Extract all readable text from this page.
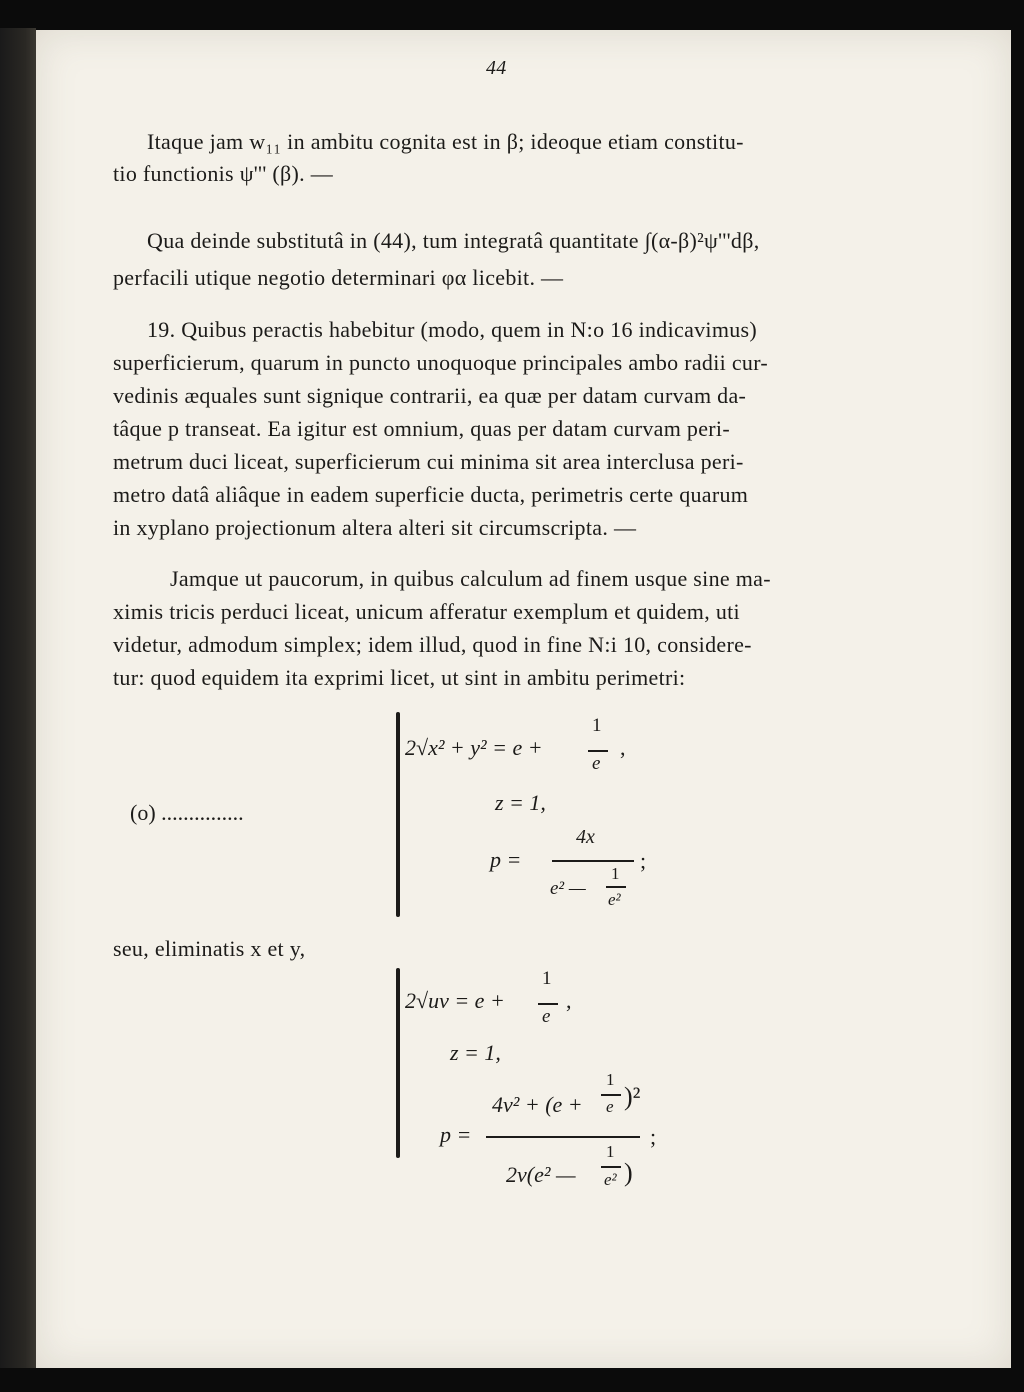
44
Itaque jam w₁₁ in ambitu cognita est in β; ideoque etiam constitu-
tio functionis ψ''' (β). —
Qua deinde substitutâ in (44), tum integratâ quantitate ∫(α-β)²ψ'''dβ,
perfacili utique negotio determinari φα licebit. —
19. Quibus peractis habebitur (modo, quem in N:o 16 indicavimus)
superficierum, quarum in puncto unoquoque principales ambo radii cur-
vedinis æquales sunt signique contrarii, ea quæ per datam curvam da-
tâque p transeat. Ea igitur est omnium, quas per datam curvam peri-
metrum duci liceat, superficierum cui minima sit area interclusa peri-
metro datâ aliâque in eadem superficie ducta, perimetris certe quarum
in xyplano projectionum altera alteri sit circumscripta. —
Jamque ut paucorum, in quibus calculum ad finem usque sine ma-
ximis tricis perduci liceat, unicum afferatur exemplum et quidem, uti
videtur, admodum simplex; idem illud, quod in fine N:i 10, considere-
tur: quod equidem ita exprimi licet, ut sint in ambitu perimetri:
(o) ...............
2√x² + y² = e +
1
e
,
z = 1,
p =
4x
e² —
1
e²
;
seu, eliminatis x et y,
2√uv = e +
1
e
,
z = 1,
4v² + (e +
1
e )²
p =
2v(e² —
1
e² )
;
